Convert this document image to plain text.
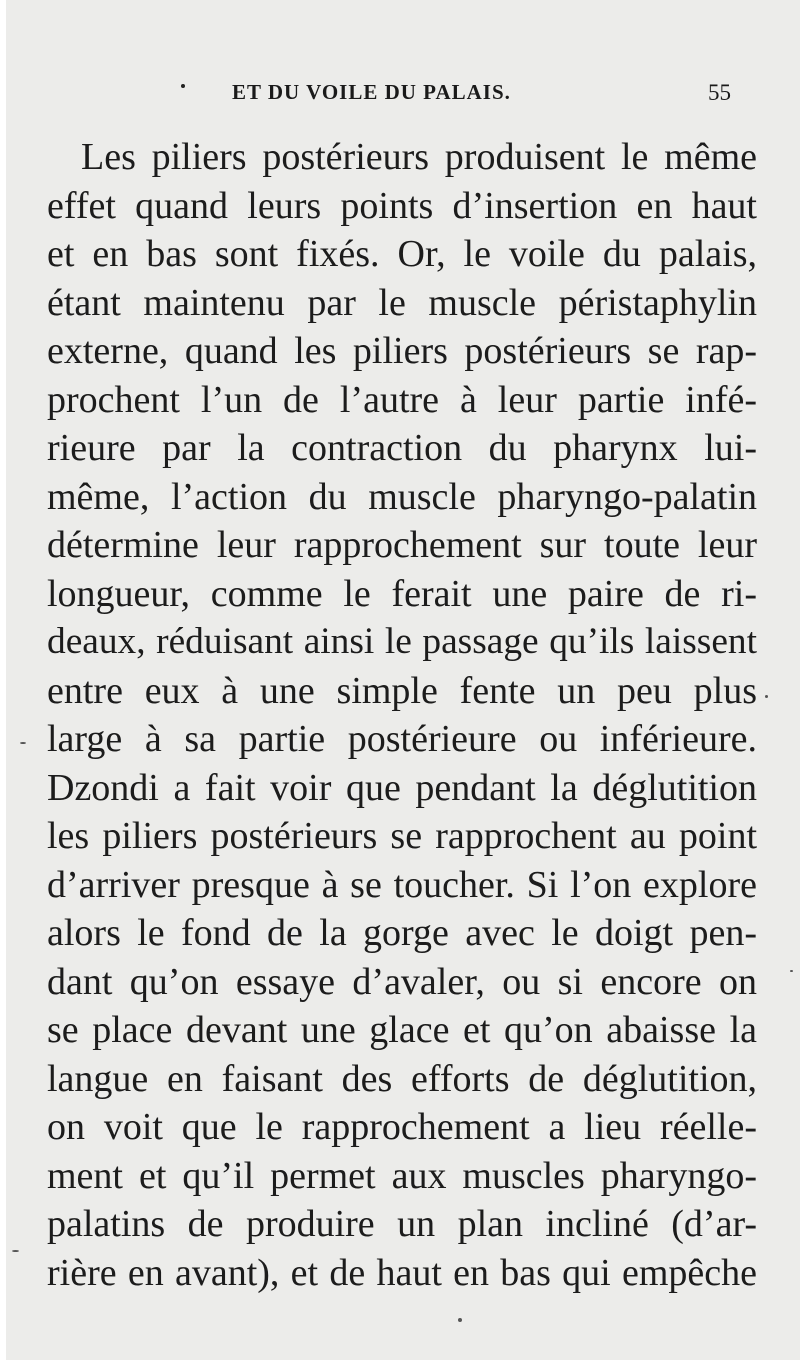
ET DU VOILE DU PALAIS.	55
Les piliers postérieurs produisent le même
effet quand leurs points d’insertion en haut
et en bas sont fixés. Or, le voile du palais,
étant maintenu par le muscle péristaphylin
externe, quand les piliers postérieurs se rap-
prochent l’un de l’autre à leur partie infé-
rieure par la contraction du pharynx lui-
même, l’action du muscle pharyngo-palatin
détermine leur rapprochement sur toute leur
longueur, comme le ferait une paire de ri-
deaux, réduisant ainsi le passage qu’ils laissent
entre eux à une simple fente un peu plus
large à sa partie postérieure ou inférieure.
Dzondi a fait voir que pendant la déglutition
les piliers postérieurs se rapprochent au point
d’arriver presque à se toucher. Si l’on explore
alors le fond de la gorge avec le doigt pen-
dant qu’on essaye d’avaler, ou si encore on
se place devant une glace et qu’on abaisse la
langue en faisant des efforts de déglutition,
on voit que le rapprochement a lieu réelle-
ment et qu’il permet aux muscles pharyngo-
palatins de produire un plan incliné (d’ar-
rière en avant), et de haut en bas qui empêche
